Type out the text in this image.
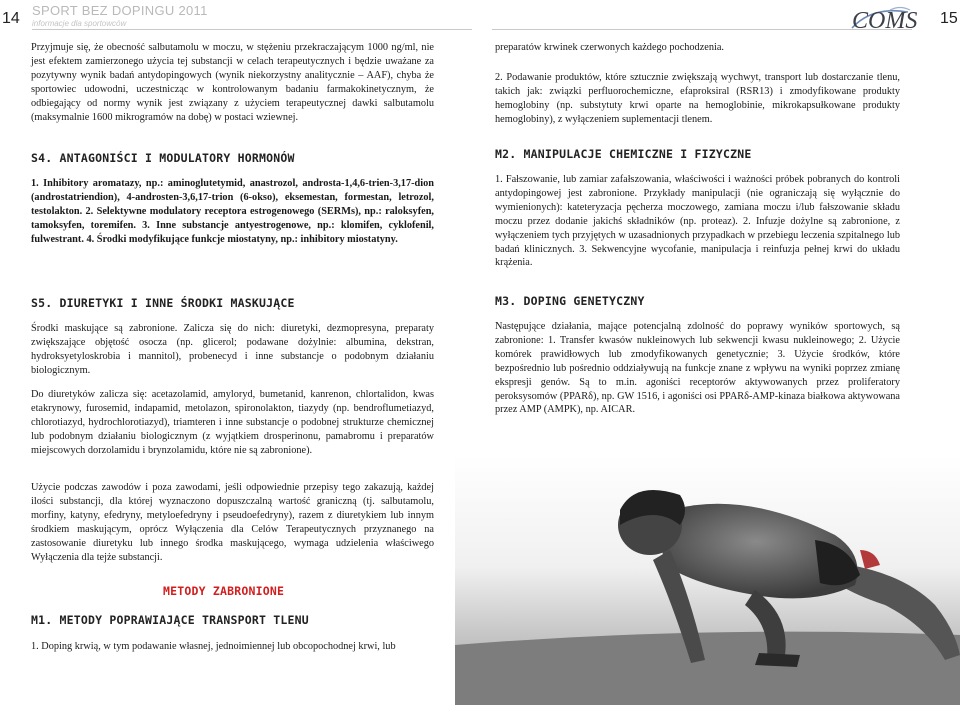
14 SPORT BEZ DOPINGU 2011
informacje dla sportowców	COMS 15

Przyjmuje się, że obecność salbutamolu w moczu, w stężeniu przekraczającym 1000 ng/ml, nie jest efektem zamierzonego użycia tej substancji w celach terapeutycznych i będzie uważane za pozytywny wynik badań antydopingowych (wynik niekorzystny analitycznie – AAF), chyba że sportowiec udowodni, uczestnicząc w kontrolowanym badaniu farmakokinetycznym, że odbiegający od normy wynik jest związany z użyciem terapeutycznej dawki salbutamolu (maksymalnie 1600 mikrogramów na dobę) w postaci wziewnej.

S4. ANTAGONIŚCI I MODULATORY HORMONÓW

1. Inhibitory aromatazy, np.: aminoglutetymid, anastrozol, androsta-1,4,6-trien-3,17-dion (androstatriendion), 4-androsten-3,6,17-trion (6-okso), eksemestan, formestan, letrozol, testolakton. 2. Selektywne modulatory receptora estrogenowego (SERMs), np.: raloksyfen, tamoksyfen, toremifen. 3. Inne substancje antyestrogenowe, np.: klomifen, cyklofenil, fulwestrant. 4. Środki modyfikujące funkcje miostatyny, np.: inhibitory miostatyny.

S5. DIURETYKI I INNE ŚRODKI MASKUJĄCE

Środki maskujące są zabronione. Zalicza się do nich: diuretyki, dezmopresyna, preparaty zwiększające objętość osocza (np. glicerol; podawane dożylnie: albumina, dekstran, hydroksyetyloskrobia i mannitol), probenecyd i inne substancje o podobnym działaniu biologicznym.

Do diuretyków zalicza się: acetazolamid, amyloryd, bumetanid, kanrenon, chlortalidon, kwas etakrynowy, furosemid, indapamid, metolazon, spironolakton, tiazydy (np. bendroflumetiazyd, chlorotiazyd, hydrochlorotiazyd), triamteren i inne substancje o podobnej strukturze chemicznej lub podobnym działaniu biologicznym (z wyjątkiem drosperinonu, pamabromu i preparatów miejscowych dorzolamidu i brynzolamidu, które nie są zabronione).

Użycie podczas zawodów i poza zawodami, jeśli odpowiednie przepisy tego zakazują, każdej ilości substancji, dla której wyznaczono dopuszczalną wartość graniczną (tj. salbutamolu, morfiny, katyny, efedryny, metyloefedryny i pseudoefedryny), razem z diuretykiem lub innym środkiem maskującym, oprócz Wyłączenia dla Celów Terapeutycznych przyznanego na zastosowanie diuretyku lub innego środka maskującego, wymaga udzielenia właściwego Wyłączenia dla tejże substancji.

METODY ZABRONIONE
M1. METODY POPRAWIAJĄCE TRANSPORT TLENU

1. Doping krwią, w tym podawanie własnej, jednoimiennej lub obcopochodnej krwi, lub

preparatów krwinek czerwonych każdego pochodzenia.

2. Podawanie produktów, które sztucznie zwiększają wychwyt, transport lub dostarczanie tlenu, takich jak: związki perfluorochemiczne, efaproksiral (RSR13) i zmodyfikowane produkty hemoglobiny (np. substytuty krwi oparte na hemoglobinie, mikrokapsułkowane produkty hemoglobiny), z wyłączeniem suplementacji tlenem.

M2. MANIPULACJE CHEMICZNE I FIZYCZNE

1. Fałszowanie, lub zamiar zafałszowania, właściwości i ważności próbek pobranych do kontroli antydopingowej jest zabronione. Przykłady manipulacji (nie ograniczają się wyłącznie do wymienionych): kateteryzacja pęcherza moczowego, zamiana moczu i/lub fałszowanie składu moczu przez dodanie jakichś składników (np. proteaz). 2. Infuzje dożylne są zabronione, z wyłączeniem tych przyjętych w uzasadnionych przypadkach w przebiegu leczenia szpitalnego lub badań klinicznych. 3. Sekwencyjne wycofanie, manipulacja i reinfuzja pełnej krwi do układu krążenia.

M3. DOPING GENETYCZNY

Następujące działania, mające potencjalną zdolność do poprawy wyników sportowych, są zabronione: 1. Transfer kwasów nukleinowych lub sekwencji kwasu nukleinowego; 2. Użycie komórek prawidłowych lub zmodyfikowanych genetycznie; 3. Użycie środków, które bezpośrednio lub pośrednio oddziaływują na funkcje znane z wpływu na wyniki poprzez zmianę ekspresji genów. Są to m.in. agoniści receptorów aktywowanych przez proliferatory peroksysomów (PPARδ), np. GW 1516, i agoniści osi PPARδ-AMP-kinaza białkowa aktywowana przez AMP (AMPK), np. AICAR.
